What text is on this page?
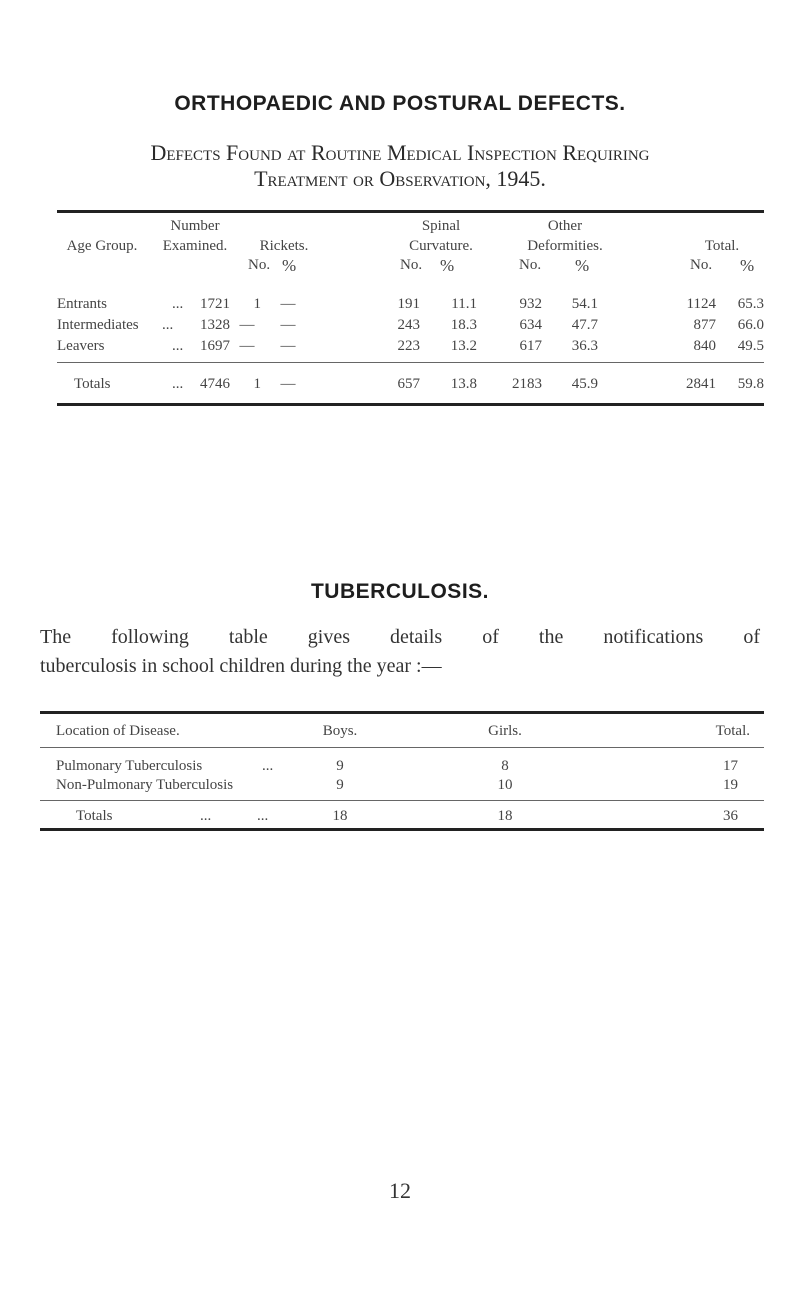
ORTHOPAEDIC AND POSTURAL DEFECTS.
Defects Found at Routine Medical Inspection Requiring
Treatment or Observation, 1945.
Age Group.
Number
Examined.	Rickets.
Spinal
Curvature.
Other
Deformities.	Total.
No. %	No. %	No. %	No. %
Entrants	...	1721	1 —	191	11.1	932	54.1	1124	65.3
Intermediates ...	1328 — —	243	18.3	634	47.7	877	66.0
Leavers	...	1697 — —	223	13.2	617	36.3	840	49.5
Totals	...	4746	1 —	657	13.8	2183	45.9	2841	59.8
TUBERCULOSIS.
The following table gives details of the notifications of
tuberculosis in school children during the year :—
Location of Disease.	Boys.	Girls.	Total.
Pulmonary Tuberculosis	...	9	8	17
Non-Pulmonary Tuberculosis	9	10	19
Totals	...	...	18	18	36
12
